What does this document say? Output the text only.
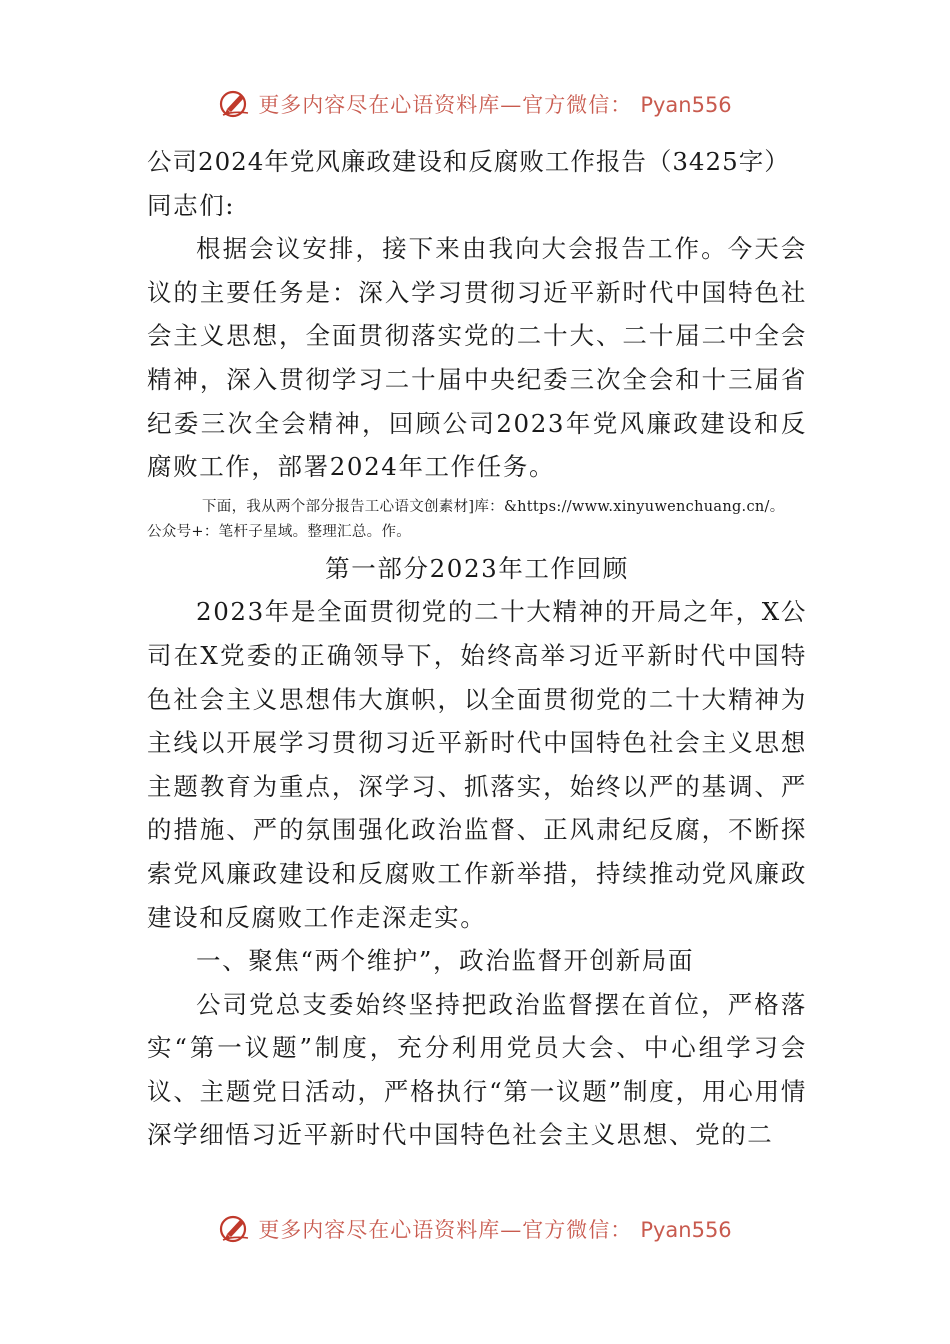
更多内容尽在心语资料库—官方微信： Pyan556

公司2024年党风廉政建设和反腐败工作报告（3425字）

同志们:

根据会议安排，接下来由我向大会报告工作。今天会议的主要任务是：深入学习贯彻习近平新时代中国特色社会主义思想，全面贯彻落实党的二十大、二十届二中全会精神，深入贯彻学习二十届中央纪委三次全会和十三届省纪委三次全会精神，回顾公司2023年党风廉政建设和反腐败工作，部署2024年工作任务。

下面，我从两个部分报告工心语文创素材]库：&https://www.xinyuwenchuang.cn/。
公众号+：笔杆子星域。整理汇总。作。

第一部分2023年工作回顾

2023年是全面贯彻党的二十大精神的开局之年，X公司在X党委的正确领导下，始终高举习近平新时代中国特色社会主义思想伟大旗帜，以全面贯彻党的二十大精神为主线以开展学习贯彻习近平新时代中国特色社会主义思想主题教育为重点，深学习、抓落实，始终以严的基调、严的措施、严的氛围强化政治监督、正风肃纪反腐，不断探索党风廉政建设和反腐败工作新举措，持续推动党风廉政建设和反腐败工作走深走实。

一、聚焦“两个维护”，政治监督开创新局面

公司党总支委始终坚持把政治监督摆在首位，严格落实“第一议题”制度，充分利用党员大会、中心组学习会议、主题党日活动，严格执行“第一议题”制度，用心用情深学细悟习近平新时代中国特色社会主义思想、党的二

更多内容尽在心语资料库—官方微信： Pyan556
